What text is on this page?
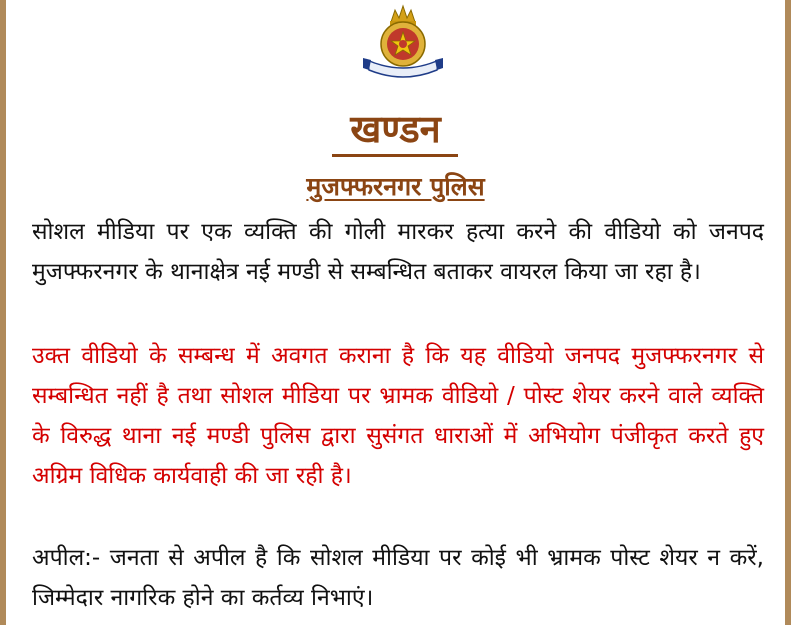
खण्डन
मुजफ्फरनगर पुलिस
सोशल मीडिया पर एक व्यक्ति की गोली मारकर हत्या करने की वीडियो को जनपद मुजफ्फरनगर के थानाक्षेत्र नई मण्डी से सम्बन्धित बताकर वायरल किया जा रहा है।
उक्त वीडियो के सम्बन्ध में अवगत कराना है कि यह वीडियो जनपद मुजफ्फरनगर से सम्बन्धित नहीं है तथा सोशल मीडिया पर भ्रामक वीडियो / पोस्ट शेयर करने वाले व्यक्ति के विरुद्ध थाना नई मण्डी पुलिस द्वारा सुसंगत धाराओं में अभियोग पंजीकृत करते हुए अग्रिम विधिक कार्यवाही की जा रही है।
अपील:- जनता से अपील है कि सोशल मीडिया पर कोई भी भ्रामक पोस्ट शेयर न करें, जिम्मेदार नागरिक होने का कर्तव्य निभाएं।
